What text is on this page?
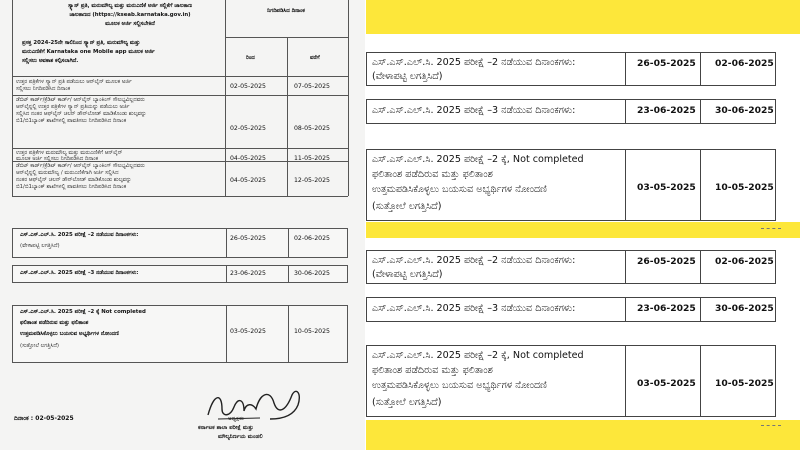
ಸ್ಕ್ಯಾನ್ ಪ್ರತಿ, ಮರುಮೌಲ್ಯ ಮತ್ತು ಮರುಎಣಿಕೆ ಅರ್ಜಿ ಸಲ್ಲಿಕೆಗೆ ಜಾಲತಾಣ
ಜಾಲತಾಣದ (https://kseab.karnataka.gov.in)
ಮೂಲಕ ಅರ್ಜಿ ಸಲ್ಲಿಸಬೇಕಿದೆ
ನಿಗದಿಪಡಿಸಿದ ದಿನಾಂಕ
ಪ್ರಸಕ್ತ 2024-25ನೇ ಸಾಲಿನಿಂದ ಸ್ಕ್ಯಾನ್ ಪ್ರತಿ, ಮರುಮೌಲ್ಯ ಮತ್ತು
ಮರುಎಣಿಕೆಗೆ Karnataka one Mobile app ಮೂಲಕ ಅರ್ಜಿ
ಸಲ್ಲಿಸಲು ಅವಕಾಶ ಕಲ್ಪಿಸಲಾಗಿದೆ.	ರಿಂದ	ವರೆಗೆ
ಉತ್ತರ ಪತ್ರಿಕೆಗಳ ಸ್ಕ್ಯಾನ್ ಪ್ರತಿ ಪಡೆಯಲು ಆನ್‌ಲೈನ್ ಮೂಲಕ ಅರ್ಜಿ
ಸಲ್ಲಿಸಲು ನಿಗದಿಪಡಿಸಿದ ದಿನಾಂಕ	02-05-2025	07-05-2025
ಡೆಬಿಟ್ ಕಾರ್ಡ್/ಕ್ರೆಡಿಟ್ ಕಾರ್ಡ್/ ಆನ್‌ಲೈನ್ ಬ್ಯಾಂಕಿಂಗ್ ಸೌಲಭ್ಯವಿಲ್ಲದವರು
ಆನ್‌ಲೈನ್ನಲ್ಲಿ ಉತ್ತರ ಪತ್ರಿಕೆಗಳ ಸ್ಕ್ಯಾನ್ ಪ್ರತಿಯನ್ನು ಪಡೆಯಲು ಅರ್ಜಿ
ಸಲ್ಲಿಸಿದ ನಂತರ ಆಫ್‌ಲೈನ್ ಚಲನ್ ಡೌನ್‌ಲೋಡ್ ಮಾಡಿಕೊಂಡು ಶುಲ್ಕವನ್ನು
ಬಿ1/ಬಿ1ಬ್ಯಾಂಕ್ ಶಾಖೆಗಳಲ್ಲಿ ಪಾವತಿಸಲು ನಿಗದಿಪಡಿಸಿದ ದಿನಾಂಕ
02-05-2025	08-05-2025
ಉತ್ತರ ಪತ್ರಿಕೆಗಳ ಮರುಮೌಲ್ಯ ಮತ್ತು ಮರುಎಣಿಕೆಗೆ ಆನ್‌ಲೈನ್
ಮೂಲಕ ಅರ್ಜಿ ಸಲ್ಲಿಸಲು ನಿಗದಿಪಡಿಸಿದ ದಿನಾಂಕ	04-05-2025	11-05-2025
ಡೆಬಿಟ್ ಕಾರ್ಡ್/ಕ್ರೆಡಿಟ್ ಕಾರ್ಡ್/ ಆನ್‌ಲೈನ್ ಬ್ಯಾಂಕಿಂಗ್ ಸೌಲಭ್ಯವಿಲ್ಲದವರು
ಆನ್‌ಲೈನ್ನಲ್ಲಿ ಮರುಮೌಲ್ಯ / ಮರುಎಣಿಕೆಗಾಗಿ ಅರ್ಜಿ ಸಲ್ಲಿಸಿದ
ನಂತರ ಆಫ್‌ಲೈನ್ ಚಲನ್ ಡೌನ್‌ಲೋಡ್ ಮಾಡಿಕೊಂಡು ಶುಲ್ಕವನ್ನು
ಬಿ1/ಬಿ1ಬ್ಯಾಂಕ್ ಶಾಖೆಗಳಲ್ಲಿ ಪಾವತಿಸಲು ನಿಗದಿಪಡಿಸಿದ ದಿನಾಂಕ
04-05-2025	12-05-2025
ಎಸ್.ಎಸ್.ಎಲ್.ಸಿ. 2025 ಪರೀಕ್ಷೆ –2 ನಡೆಯುವ ದಿನಾಂಕಗಳು:
(ವೇಳಾಪಟ್ಟಿ ಲಗತ್ತಿಸಿದೆ)
26-05-2025	02-06-2025
ಎಸ್.ಎಸ್.ಎಲ್.ಸಿ. 2025 ಪರೀಕ್ಷೆ –3 ನಡೆಯುವ ದಿನಾಂಕಗಳು:	23-06-2025	30-06-2025
ಎಸ್.ಎಸ್.ಎಲ್.ಸಿ. 2025 ಪರೀಕ್ಷೆ –2 ಕ್ಕೆ Not completed
ಫಲಿತಾಂಶ ಪಡೆದಿರುವ ಮತ್ತು ಫಲಿತಾಂಶ
ಉತ್ತಮಪಡಿಸಿಕೊಳ್ಳಲು ಬಯಸುವ ಅಭ್ಯರ್ಥಿಗಳ ನೋಂದಣಿ
(ಸುತ್ತೋಲೆ ಲಗತ್ತಿಸಿದೆ)
03-05-2025	10-05-2025
ದಿನಾಂಕ : 02-05-2025	ಅಧ್ಯಕ್ಷರು
ಕರ್ನಾಟಕ ಶಾಲಾ ಪರೀಕ್ಷೆ ಮತ್ತು
ಮೌಲ್ಯನಿರ್ಣಯ ಮಂಡಲಿ
ಎಸ್.ಎಸ್.ಎಲ್.ಸಿ. 2025 ಪರೀಕ್ಷೆ –2 ನಡೆಯುವ ದಿನಾಂಕಗಳು:
(ವೇಳಾಪಟ್ಟಿ ಲಗತ್ತಿಸಿದೆ)
26-05-2025 02-06-2025
ಎಸ್.ಎಸ್.ಎಲ್.ಸಿ. 2025 ಪರೀಕ್ಷೆ –3 ನಡೆಯುವ ದಿನಾಂಕಗಳು:	23-06-2025 30-06-2025
ಎಸ್.ಎಸ್.ಎಲ್.ಸಿ. 2025 ಪರೀಕ್ಷೆ –2 ಕ್ಕೆ, Not completed
ಫಲಿತಾಂಶ ಪಡೆದಿರುವ ಮತ್ತು ಫಲಿತಾಂಶ
ಉತ್ತಮಪಡಿಸಿಕೊಳ್ಳಲು ಬಯಸುವ ಅಭ್ಯರ್ಥಿಗಳ ನೋಂದಣಿ
(ಸುತ್ತೋಲೆ ಲಗತ್ತಿಸಿದೆ)
03-05-2025 10-05-2025
ಎಸ್.ಎಸ್.ಎಲ್.ಸಿ. 2025 ಪರೀಕ್ಷೆ –2 ನಡೆಯುವ ದಿನಾಂಕಗಳು:
(ವೇಳಾಪಟ್ಟಿ ಲಗತ್ತಿಸಿದೆ)
26-05-2025 02-06-2025
ಎಸ್.ಎಸ್.ಎಲ್.ಸಿ. 2025 ಪರೀಕ್ಷೆ –3 ನಡೆಯುವ ದಿನಾಂಕಗಳು:	23-06-2025 30-06-2025
ಎಸ್.ಎಸ್.ಎಲ್.ಸಿ. 2025 ಪರೀಕ್ಷೆ –2 ಕ್ಕೆ, Not completed
ಫಲಿತಾಂಶ ಪಡೆದಿರುವ ಮತ್ತು ಫಲಿತಾಂಶ
ಉತ್ತಮಪಡಿಸಿಕೊಳ್ಳಲು ಬಯಸುವ ಅಭ್ಯರ್ಥಿಗಳ ನೋಂದಣಿ
(ಸುತ್ತೋಲೆ ಲಗತ್ತಿಸಿದೆ)
03-05-2025 10-05-2025
